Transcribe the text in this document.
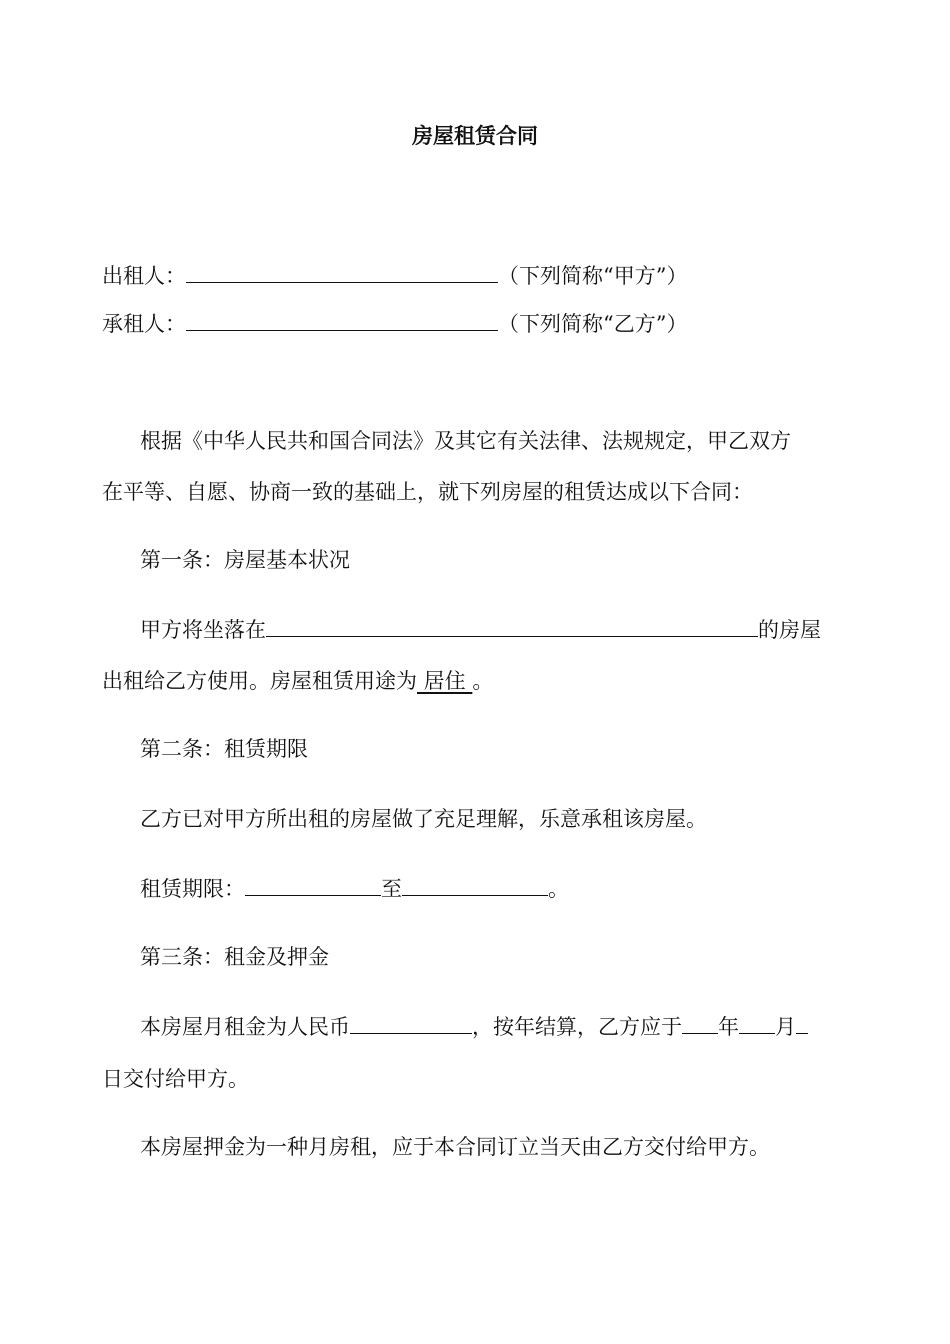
房屋租赁合同
出租人：	（下列简称“甲方”）
承租人：	（下列简称“乙方”）
根据《中华人民共和国合同法》及其它有关法律、法规规定，甲乙双方
在平等、自愿、协商一致的基础上，就下列房屋的租赁达成以下合同：
第一条：房屋基本状况
甲方将坐落在	的房屋
出租给乙方使用。房屋租赁用途为 居住 。
第二条：租赁期限
乙方已对甲方所出租的房屋做了充足理解，乐意承租该房屋。
租赁期限：	至	。
第三条：租金及押金
本房屋月租金为人民币	，按年结算，乙方应于 年 月
日交付给甲方。
本房屋押金为一种月房租，应于本合同订立当天由乙方交付给甲方。
